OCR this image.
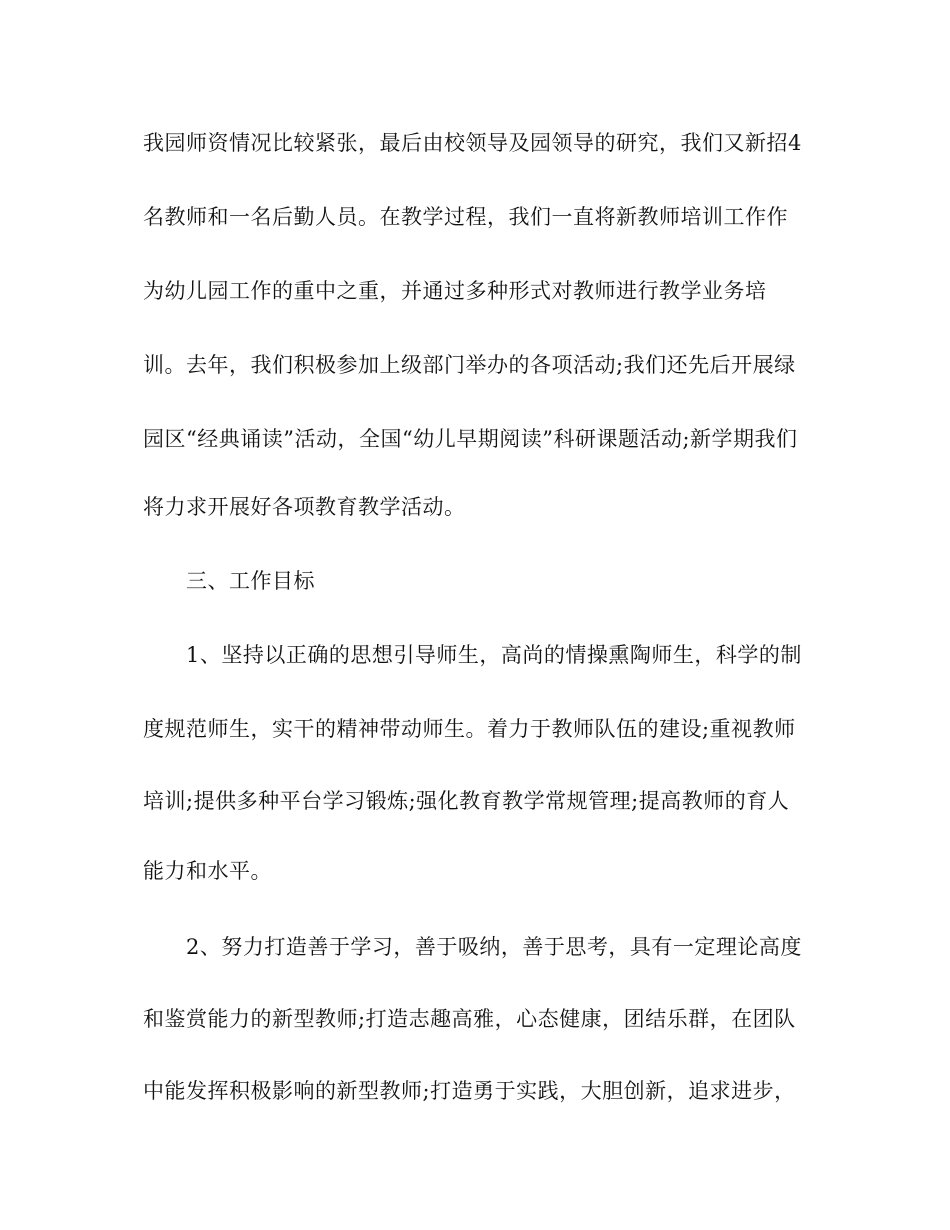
我园师资情况比较紧张，最后由校领导及园领导的研究，我们又新招4
名教师和一名后勤人员。在教学过程，我们一直将新教师培训工作作
为幼儿园工作的重中之重，并通过多种形式对教师进行教学业务培
训。去年，我们积极参加上级部门举办的各项活动;我们还先后开展绿
园区“经典诵读”活动，全国“幼儿早期阅读”科研课题活动;新学期我们
将力求开展好各项教育教学活动。
三、工作目标
1、坚持以正确的思想引导师生，高尚的情操熏陶师生，科学的制
度规范师生，实干的精神带动师生。着力于教师队伍的建设;重视教师
培训;提供多种平台学习锻炼;强化教育教学常规管理;提高教师的育人
能力和水平。
2、努力打造善于学习，善于吸纳，善于思考，具有一定理论高度
和鉴赏能力的新型教师;打造志趣高雅，心态健康，团结乐群，在团队
中能发挥积极影响的新型教师;打造勇于实践，大胆创新，追求进步，
